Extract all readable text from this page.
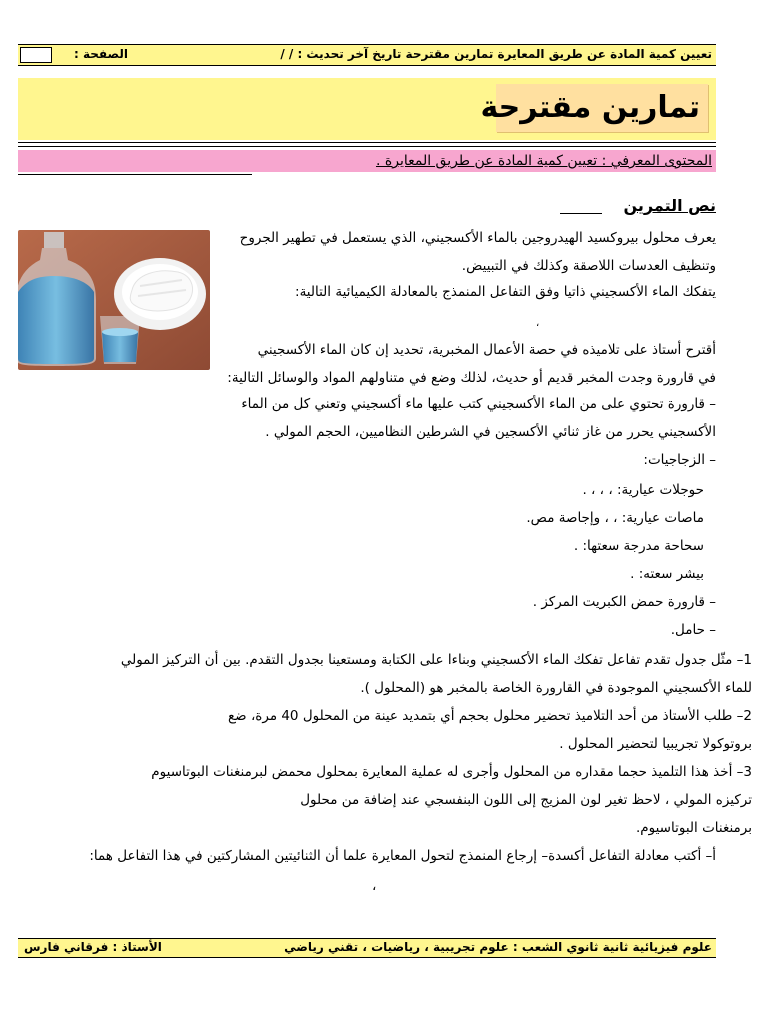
تعيين كمية المادة عن طريق المعايرة تمارين مقترحة تاريخ آخر تحديث : / /
الصفحة :
تمارين مقترحة
المحتوى المعرفي : تعيين كمية المادة عن طريق المعايرة .
نص التمرين
يعرف محلول بيروكسيد الهيدروجين بالماء الأكسجيني، الذي يستعمل في تطهير الجروح
وتنظيف العدسات اللاصقة وكذلك في التبييض.
يتفكك الماء الأكسجيني ذاتيا وفق التفاعل المنمذج بالمعادلة الكيميائية التالية:
،
أقترح أستاذ على تلاميذه في حصة الأعمال المخبرية، تحديد إن كان الماء الأكسجيني
في قارورة وجدت المخبر قديم أو حديث، لذلك وضع في متناولهم المواد والوسائل التالية:
– قارورة تحتوي على من الماء الأكسجيني كتب عليها ماء أكسجيني وتعني كل من الماء
الأكسجيني يحرر من غاز ثنائي الأكسجين في الشرطين النظاميين، الحجم المولي .
– الزجاجيات:
حوجلات عيارية: ، ، ، .
ماصات عيارية: ، ، وإجاصة مص.
سحاحة مدرجة سعتها: .
بيشر سعته: .
– قارورة حمض الكبريت المركز .
– حامل.
1– مثّل جدول تقدم تفاعل تفكك الماء الأكسجيني وبناءا على الكتابة ومستعينا بجدول التقدم. بين أن التركيز المولي
للماء الأكسجيني الموجودة في القارورة الخاصة بالمخبر هو (المحلول ).
2– طلب الأستاذ من أحد التلاميذ تحضير محلول بحجم أي بتمديد عينة من المحلول 40 مرة، ضع
بروتوكولا تجريبيا لتحضير المحلول .
3– أخذ هذا التلميذ حجما مقداره من المحلول وأجرى له عملية المعايرة بمحلول محمض لبرمنغنات البوتاسيوم
تركيزه المولي ، لاحظ تغير لون المزيج إلى اللون البنفسجي عند إضافة من محلول
برمنغنات البوتاسيوم.
أ– أكتب معادلة التفاعل أكسدة– إرجاع المنمذج لتحول المعايرة علما أن الثنائيتين المشاركتين في هذا التفاعل هما:
،
الأستاذ : فرقاني فارس	علوم فيزيائية ثانية ثانوي الشعب : علوم تجريبية ، رياضيات ، تقني رياضي
